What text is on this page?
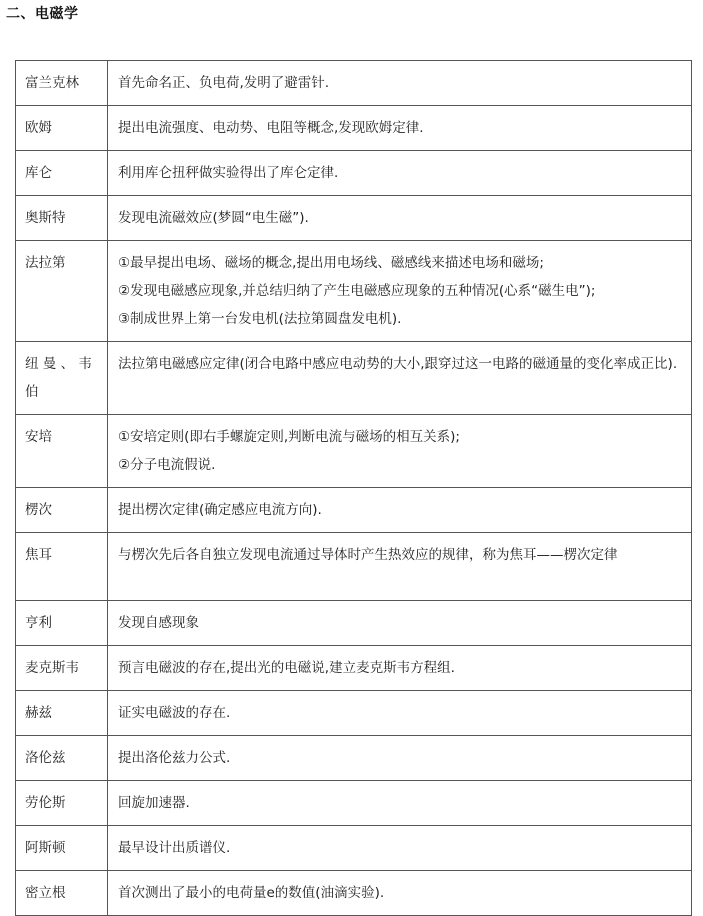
二、电磁学
富兰克林	首先命名正、负电荷,发明了避雷针.

欧姆	提出电流强度、电动势、电阻等概念,发现欧姆定律.

库仑	利用库仑扭秤做实验得出了库仑定律.

奥斯特	发现电流磁效应(梦圆“电生磁”).

法拉第	①最早提出电场、磁场的概念,提出用电场线、磁感线来描述电场和磁场;
②发现电磁感应现象,并总结归纳了产生电磁感应现象的五种情况(心系“磁生电”);
③制成世界上第一台发电机(法拉第圆盘发电机).

纽 曼 、 韦伯	法拉第电磁感应定律(闭合电路中感应电动势的大小,跟穿过这一电路的磁通量的变化率成正比).

安培	①安培定则(即右手螺旋定则,判断电流与磁场的相互关系);
②分子电流假说.

楞次	提出楞次定律(确定感应电流方向).

焦耳	与楞次先后各自独立发现电流通过导体时产生热效应的规律，称为焦耳——楞次定律

亨利	发现自感现象

麦克斯韦	预言电磁波的存在,提出光的电磁说,建立麦克斯韦方程组.

赫兹	证实电磁波的存在.

洛伦兹	提出洛伦兹力公式.

劳伦斯	回旋加速器.

阿斯顿	最早设计出质谱仪.

密立根	首次测出了最小的电荷量e的数值(油滴实验).
